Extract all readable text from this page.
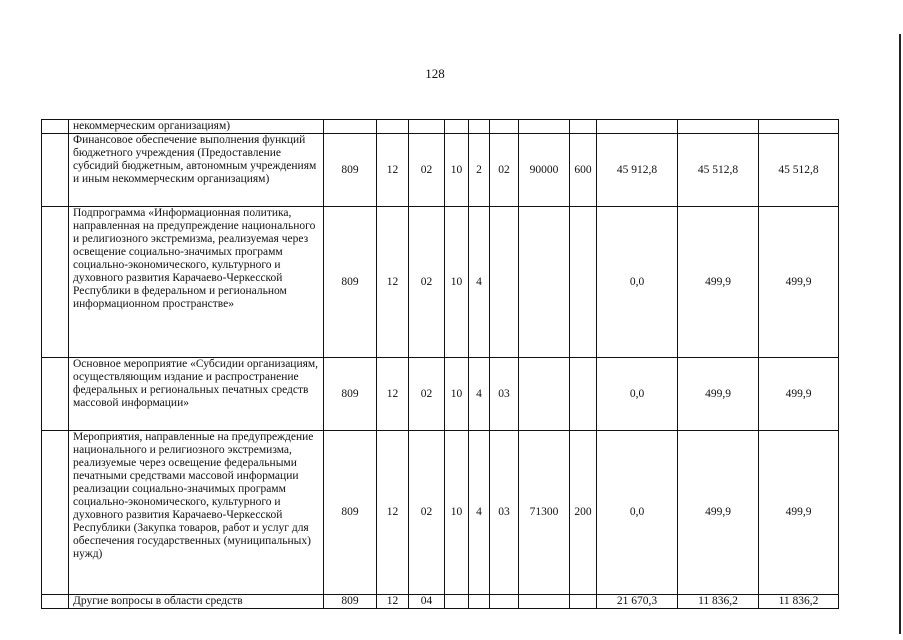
128
	некоммерческим организациям)											
	Финансовое обеспечение выполнения функций бюджетного учреждения (Предоставление субсидий бюджетным, автономным учреждениям и иным некоммерческим организациям)	809	12	02	10	2	02	90000	600	45 912,8	45 512,8	45 512,8
	Подпрограмма «Информационная политика, направленная на предупреждение национального и религиозного экстремизма, реализуемая через освещение социально-значимых программ социально-экономического, культурного и духовного развития Карачаево-Черкесской Республики в федеральном и региональном информационном пространстве»	809	12	02	10	4				0,0	499,9	499,9
	Основное мероприятие «Субсидии организациям, осуществляющим издание и распространение федеральных и региональных печатных средств массовой информации»	809	12	02	10	4	03			0,0	499,9	499,9
	Мероприятия, направленные на предупреждение национального и религиозного экстремизма, реализуемые через освещение федеральными печатными средствами массовой информации реализации социально-значимых программ социально-экономического, культурного и духовного развития Карачаево-Черкесской Республики (Закупка товаров, работ и услуг для обеспечения государственных (муниципальных) нужд)	809	12	02	10	4	03	71300	200	0,0	499,9	499,9
	Другие вопросы в области средств	809	12	04						21 670,3	11 836,2	11 836,2
